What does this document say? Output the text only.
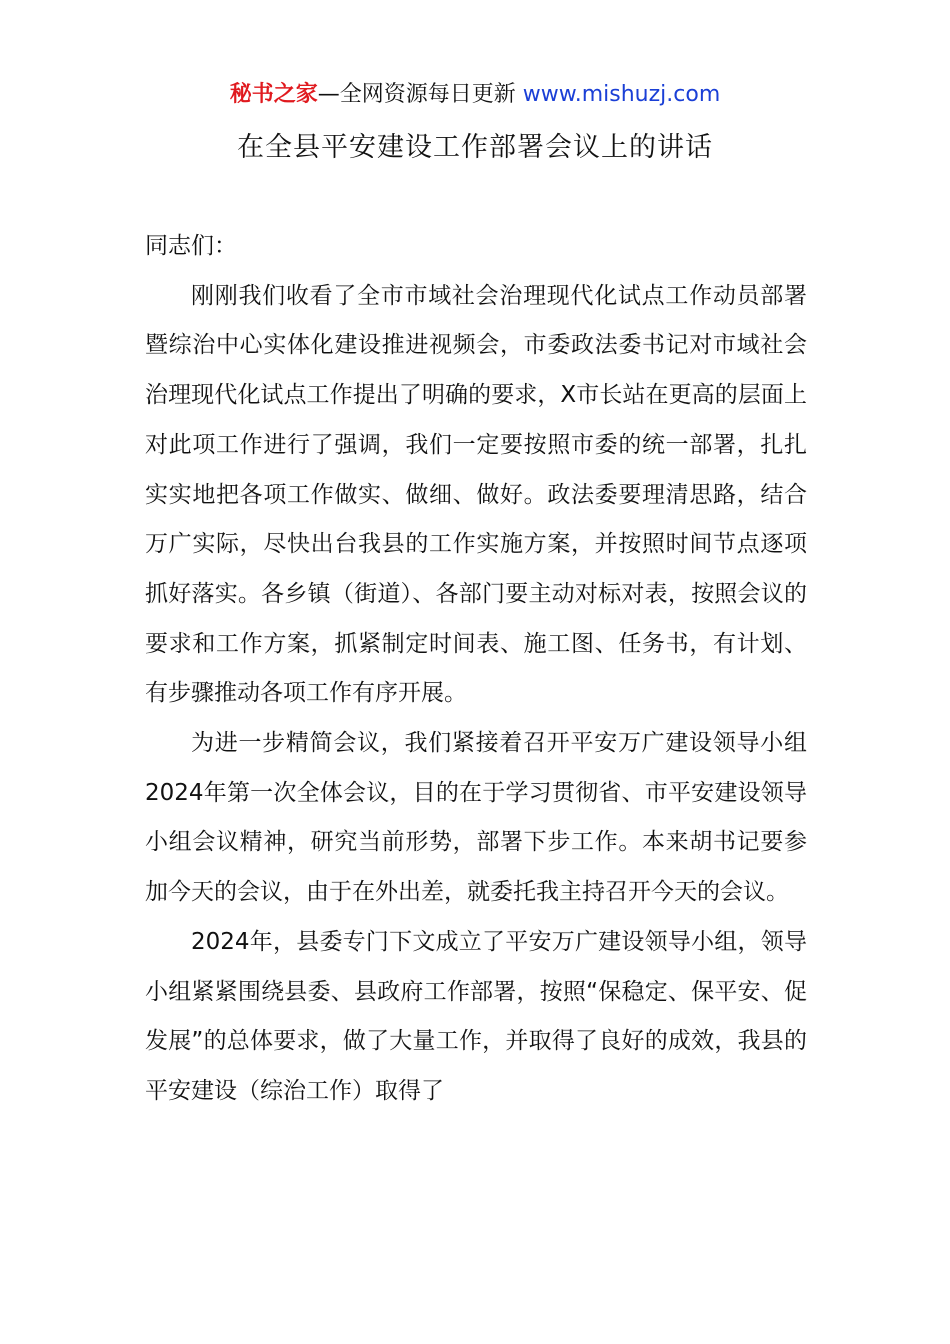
秘书之家—全网资源每日更新 www.mishuzj.com
在全县平安建设工作部署会议上的讲话

同志们：

刚刚我们收看了全市市域社会治理现代化试点工作动员部署暨综治中心实体化建设推进视频会，市委政法委书记对市域社会治理现代化试点工作提出了明确的要求，X市长站在更高的层面上对此项工作进行了强调，我们一定要按照市委的统一部署，扎扎实实地把各项工作做实、做细、做好。政法委要理清思路，结合万广实际，尽快出台我县的工作实施方案，并按照时间节点逐项抓好落实。各乡镇（街道）、各部门要主动对标对表，按照会议的要求和工作方案，抓紧制定时间表、施工图、任务书，有计划、有步骤推动各项工作有序开展。

为进一步精简会议，我们紧接着召开平安万广建设领导小组2024年第一次全体会议，目的在于学习贯彻省、市平安建设领导小组会议精神，研究当前形势，部署下步工作。本来胡书记要参加今天的会议，由于在外出差，就委托我主持召开今天的会议。

2024年，县委专门下文成立了平安万广建设领导小组，领导小组紧紧围绕县委、县政府工作部署，按照“保稳定、保平安、促发展”的总体要求，做了大量工作，并取得了良好的成效，我县的平安建设（综治工作）取得了
